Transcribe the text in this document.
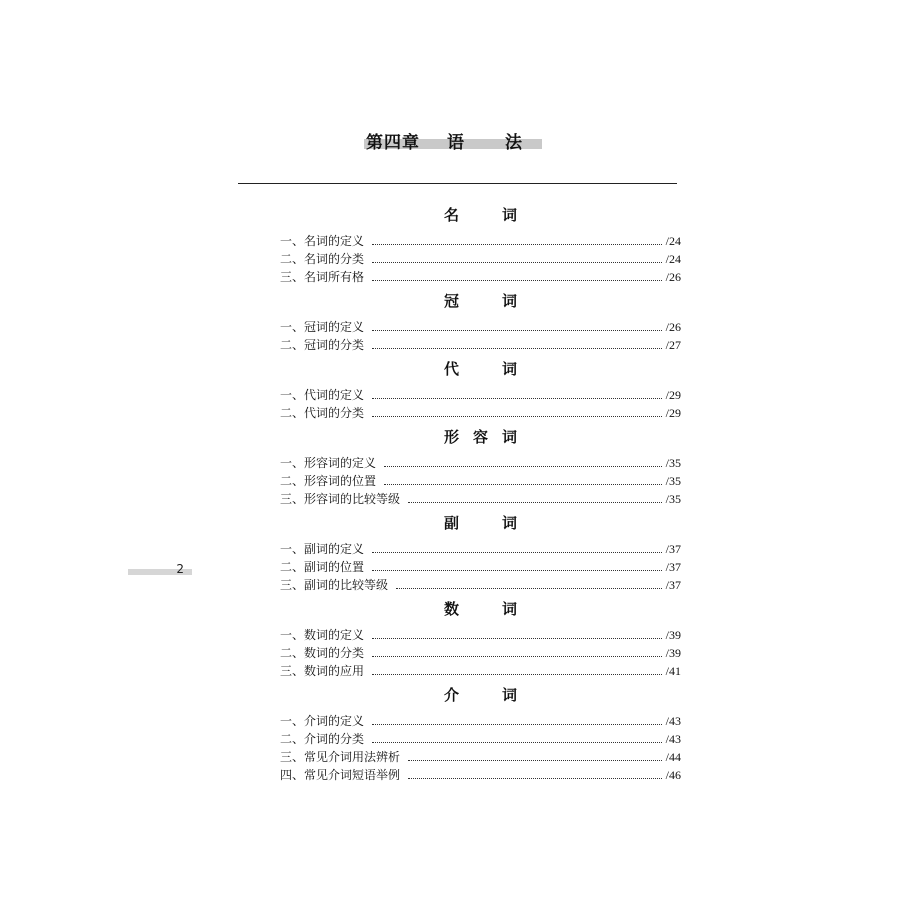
第四章 语　法
2
名　词
一、名词的定义	/24
二、名词的分类	/24
三、名词所有格	/26
冠　词
一、冠词的定义	/26
二、冠词的分类	/27
代　词
一、代词的定义	/29
二、代词的分类	/29
形容词
一、形容词的定义	/35
二、形容词的位置	/35
三、形容词的比较等级	/35
副　词
一、副词的定义	/37
二、副词的位置	/37
三、副词的比较等级	/37
数　词
一、数词的定义	/39
二、数词的分类	/39
三、数词的应用	/41
介　词
一、介词的定义	/43
二、介词的分类	/43
三、常见介词用法辨析	/44
四、常见介词短语举例	/46
